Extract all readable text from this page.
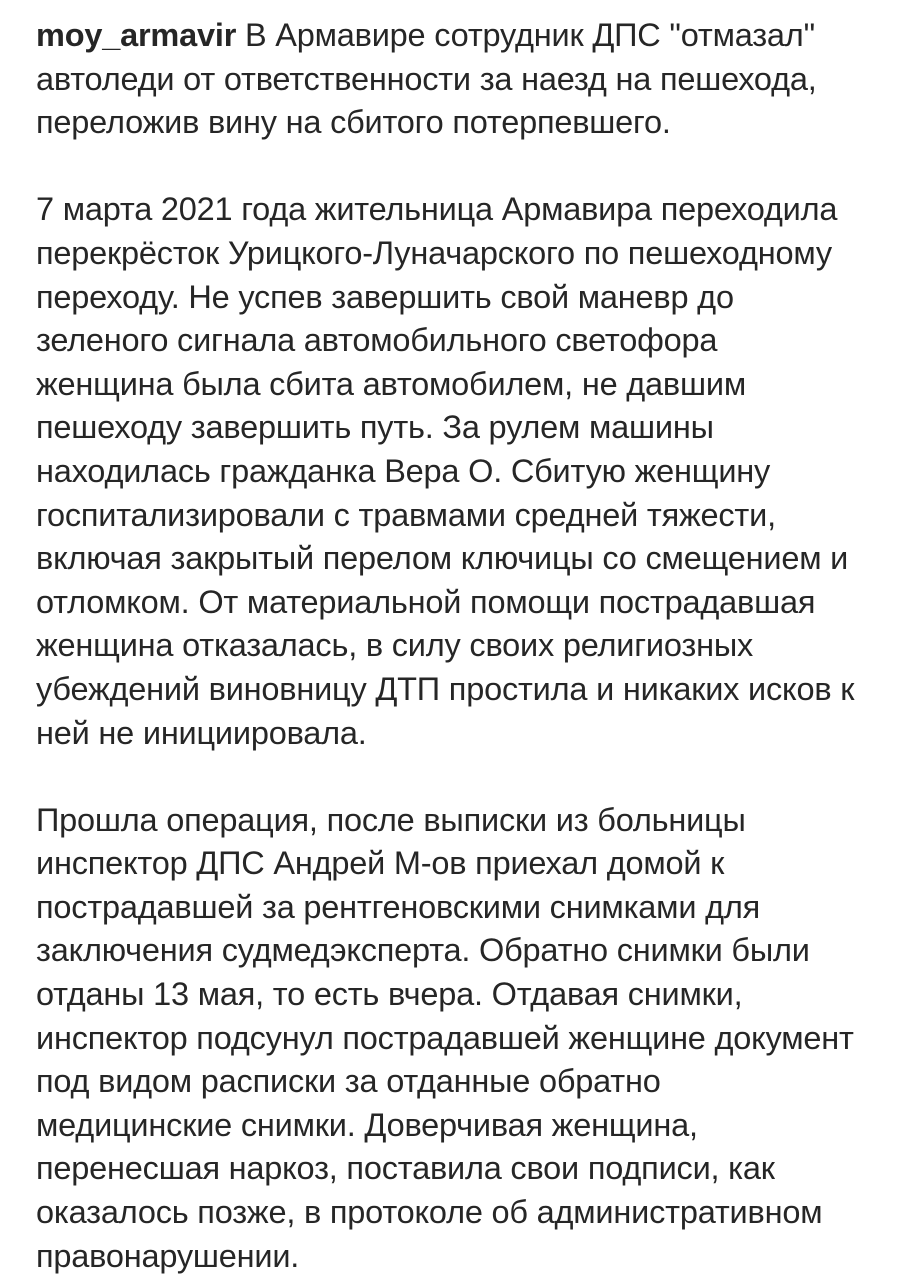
moy_armavir В Армавире сотрудник ДПС "отмазал"
автоледи от ответственности за наезд на пешехода,
переложив вину на сбитого потерпевшего.

7 марта 2021 года жительница Армавира переходила
перекрёсток Урицкого-Луначарского по пешеходному
переходу. Не успев завершить свой маневр до
зеленого сигнала автомобильного светофора
женщина была сбита автомобилем, не давшим
пешеходу завершить путь. За рулем машины
находилась гражданка Вера О. Сбитую женщину
госпитализировали с травмами средней тяжести,
включая закрытый перелом ключицы со смещением и
отломком. От материальной помощи пострадавшая
женщина отказалась, в силу своих религиозных
убеждений виновницу ДТП простила и никаких исков к
ней не инициировала.

Прошла операция, после выписки из больницы
инспектор ДПС Андрей М-ов приехал домой к
пострадавшей за рентгеновскими снимками для
заключения судмедэксперта. Обратно снимки были
отданы 13 мая, то есть вчера. Отдавая снимки,
инспектор подсунул пострадавшей женщине документ
под видом расписки за отданные обратно
медицинские снимки. Доверчивая женщина,
перенесшая наркоз, поставила свои подписи, как
оказалось позже, в протоколе об административном
правонарушении.
